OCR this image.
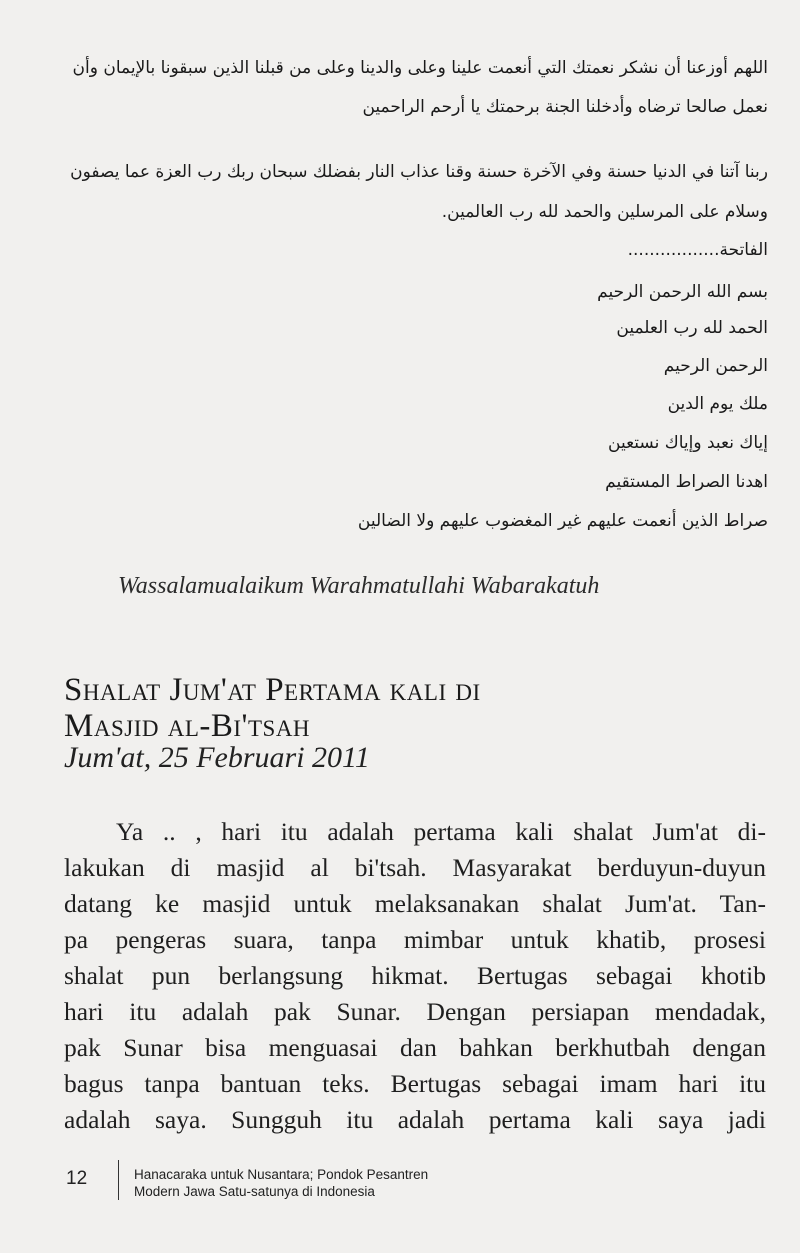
اللهم أوزعنا أن نشكر نعمتك التي أنعمت علينا وعلى والدينا وعلى من قبلنا الذين سبقونا بالإيمان وأن
نعمل صالحا ترضاه وأدخلنا الجنة برحمتك يا أرحم الراحمين
ربنا آتنا في الدنيا حسنة وفي الآخرة حسنة وقنا عذاب النار بفضلك سبحان ربك رب العزة عما يصفون
وسلام على المرسلين والحمد لله رب العالمين.
الفاتحة.................
بسم الله الرحمن الرحيم
الحمد لله رب العلمين
الرحمن الرحيم
ملك يوم الدين
إياك نعبد وإياك نستعين
اهدنا الصراط المستقيم
صراط الذين أنعمت عليهم غير المغضوب عليهم ولا الضالين
Wassalamualaikum Warahmatullahi Wabarakatuh
Shalat Jum'at Pertama kali di
Masjid al-Bi'tsah
Jum'at, 25 Februari 2011
Ya .. , hari itu adalah pertama kali shalat Jum'at di-
lakukan di masjid al bi'tsah. Masyarakat berduyun-duyun
datang ke masjid untuk melaksanakan shalat Jum'at. Tan-
pa pengeras suara, tanpa mimbar untuk khatib, prosesi
shalat pun berlangsung hikmat. Bertugas sebagai khotib
hari itu adalah pak Sunar. Dengan persiapan mendadak,
pak Sunar bisa menguasai dan bahkan berkhutbah dengan
bagus tanpa bantuan teks. Bertugas sebagai imam hari itu
adalah saya. Sungguh itu adalah pertama kali saya jadi
12	Hanacaraka untuk Nusantara; Pondok Pesantren
Modern Jawa Satu-satunya di Indonesia
